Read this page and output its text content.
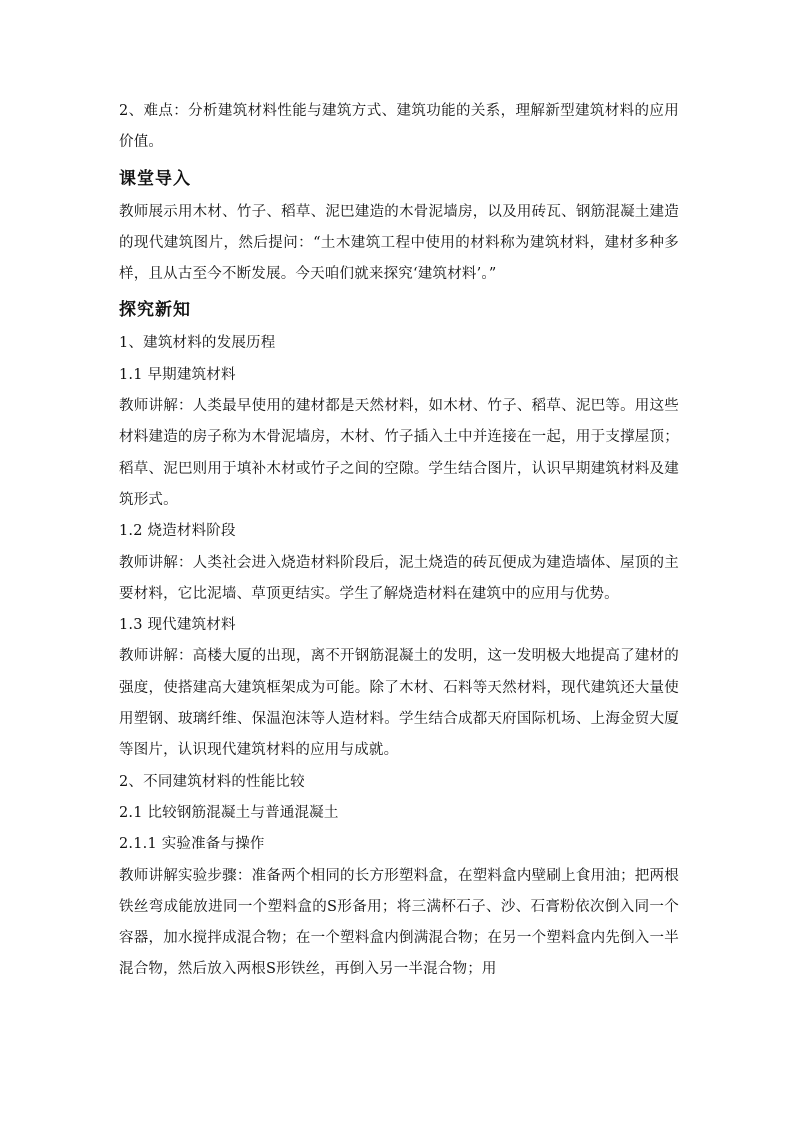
2、难点：分析建筑材料性能与建筑方式、建筑功能的关系，理解新型建筑材料的应用价值。

课堂导入

教师展示用木材、竹子、稻草、泥巴建造的木骨泥墙房，以及用砖瓦、钢筋混凝土建造的现代建筑图片，然后提问：“土木建筑工程中使用的材料称为建筑材料，建材多种多样，且从古至今不断发展。今天咱们就来探究‘建筑材料’。”

探究新知

1、建筑材料的发展历程

1.1 早期建筑材料

教师讲解：人类最早使用的建材都是天然材料，如木材、竹子、稻草、泥巴等。用这些材料建造的房子称为木骨泥墙房，木材、竹子插入土中并连接在一起，用于支撑屋顶；稻草、泥巴则用于填补木材或竹子之间的空隙。学生结合图片，认识早期建筑材料及建筑形式。

1.2 烧造材料阶段

教师讲解：人类社会进入烧造材料阶段后，泥土烧造的砖瓦便成为建造墙体、屋顶的主要材料，它比泥墙、草顶更结实。学生了解烧造材料在建筑中的应用与优势。

1.3 现代建筑材料

教师讲解：高楼大厦的出现，离不开钢筋混凝土的发明，这一发明极大地提高了建材的强度，使搭建高大建筑框架成为可能。除了木材、石料等天然材料，现代建筑还大量使用塑钢、玻璃纤维、保温泡沫等人造材料。学生结合成都天府国际机场、上海金贸大厦等图片，认识现代建筑材料的应用与成就。

2、不同建筑材料的性能比较

2.1 比较钢筋混凝土与普通混凝土

2.1.1 实验准备与操作

教师讲解实验步骤：准备两个相同的长方形塑料盒，在塑料盒内壁刷上食用油；把两根铁丝弯成能放进同一个塑料盒的S形备用；将三满杯石子、沙、石膏粉依次倒入同一个容器，加水搅拌成混合物；在一个塑料盒内倒满混合物；在另一个塑料盒内先倒入一半混合物，然后放入两根S形铁丝，再倒入另一半混合物；用
